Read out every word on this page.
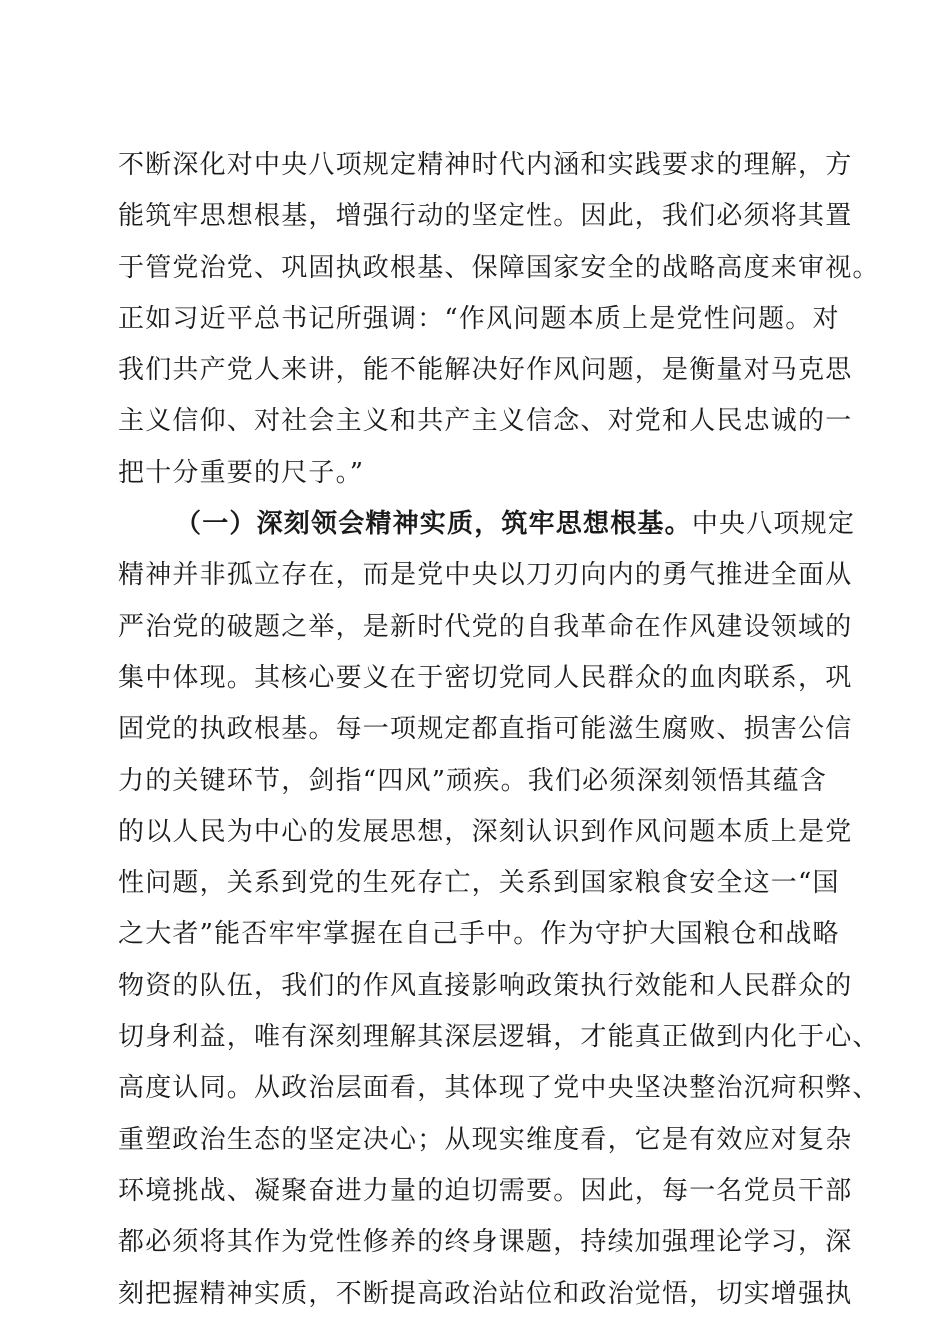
不断深化对中央八项规定精神时代内涵和实践要求的理解，方
能筑牢思想根基，增强行动的坚定性。因此，我们必须将其置
于管党治党、巩固执政根基、保障国家安全的战略高度来审视。
正如习近平总书记所强调：“作风问题本质上是党性问题。对
我们共产党人来讲，能不能解决好作风问题，是衡量对马克思
主义信仰、对社会主义和共产主义信念、对党和人民忠诚的一
把十分重要的尺子。”
（一）深刻领会精神实质，筑牢思想根基。中央八项规定
精神并非孤立存在，而是党中央以刀刃向内的勇气推进全面从
严治党的破题之举，是新时代党的自我革命在作风建设领域的
集中体现。其核心要义在于密切党同人民群众的血肉联系，巩
固党的执政根基。每一项规定都直指可能滋生腐败、损害公信
力的关键环节，剑指“四风”顽疾。我们必须深刻领悟其蕴含
的以人民为中心的发展思想，深刻认识到作风问题本质上是党
性问题，关系到党的生死存亡，关系到国家粮食安全这一“国
之大者”能否牢牢掌握在自己手中。作为守护大国粮仓和战略
物资的队伍，我们的作风直接影响政策执行效能和人民群众的
切身利益，唯有深刻理解其深层逻辑，才能真正做到内化于心、
高度认同。从政治层面看，其体现了党中央坚决整治沉疴积弊、
重塑政治生态的坚定决心；从现实维度看，它是有效应对复杂
环境挑战、凝聚奋进力量的迫切需要。因此，每一名党员干部
都必须将其作为党性修养的终身课题，持续加强理论学习，深
刻把握精神实质，不断提高政治站位和政治觉悟，切实增强执
